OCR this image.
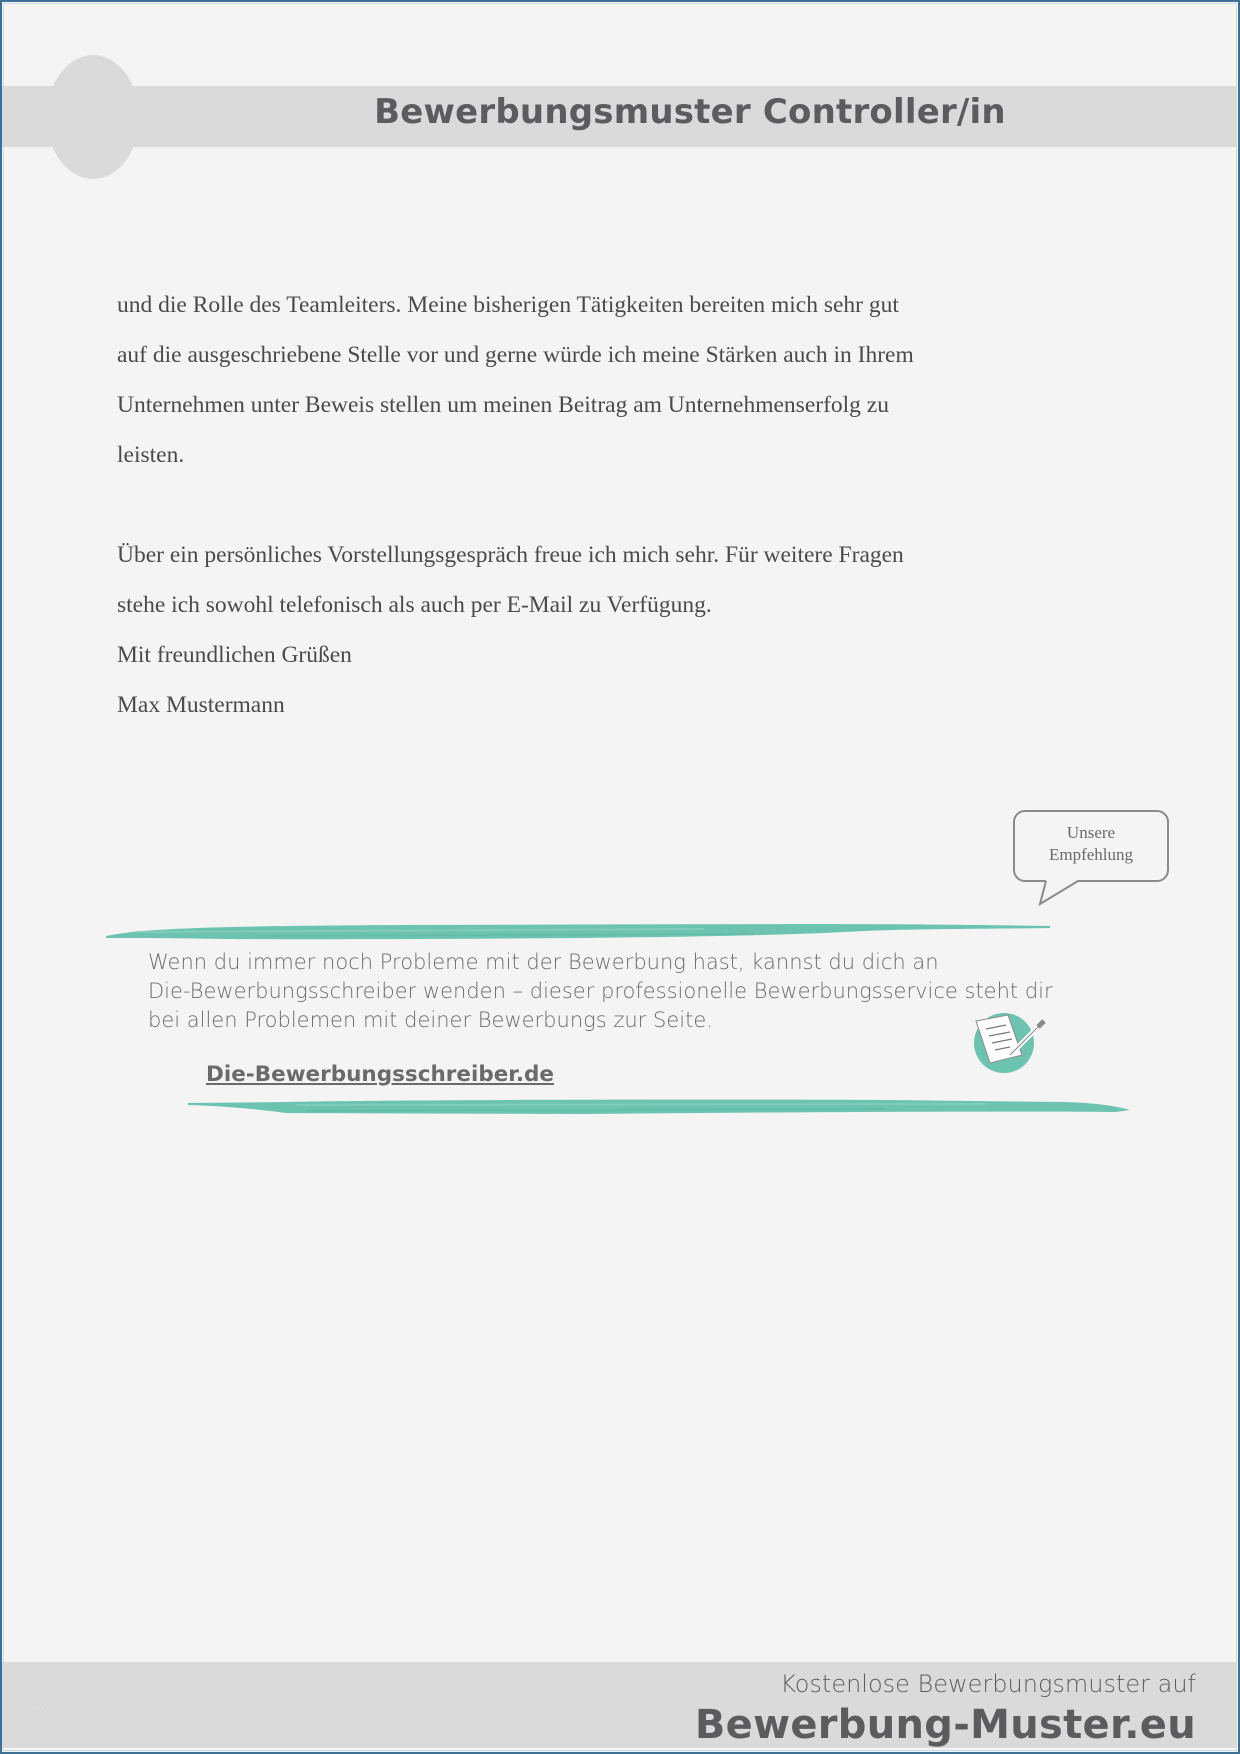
Bewerbungsmuster Controller/in

und die Rolle des Teamleiters. Meine bisherigen Tätigkeiten bereiten mich sehr gut

auf die ausgeschriebene Stelle vor und gerne würde ich meine Stärken auch in Ihrem

Unternehmen unter Beweis stellen um meinen Beitrag am Unternehmenserfolg zu

leisten.

Über ein persönliches Vorstellungsgespräch freue ich mich sehr. Für weitere Fragen

stehe ich sowohl telefonisch als auch per E-Mail zu Verfügung.

Mit freundlichen Grüßen

Max Mustermann

Unsere
Empfehlung

Wenn du immer noch Probleme mit der Bewerbung hast, kannst du dich an

Die-Bewerbungsschreiber wenden – dieser professionelle Bewerbungsservice steht dir

bei allen Problemen mit deiner Bewerbungs zur Seite.

Die-Bewerbungsschreiber.de
· · · ·
Kostenlose Bewerbungsmuster auf
Bewerbung-Muster.eu
